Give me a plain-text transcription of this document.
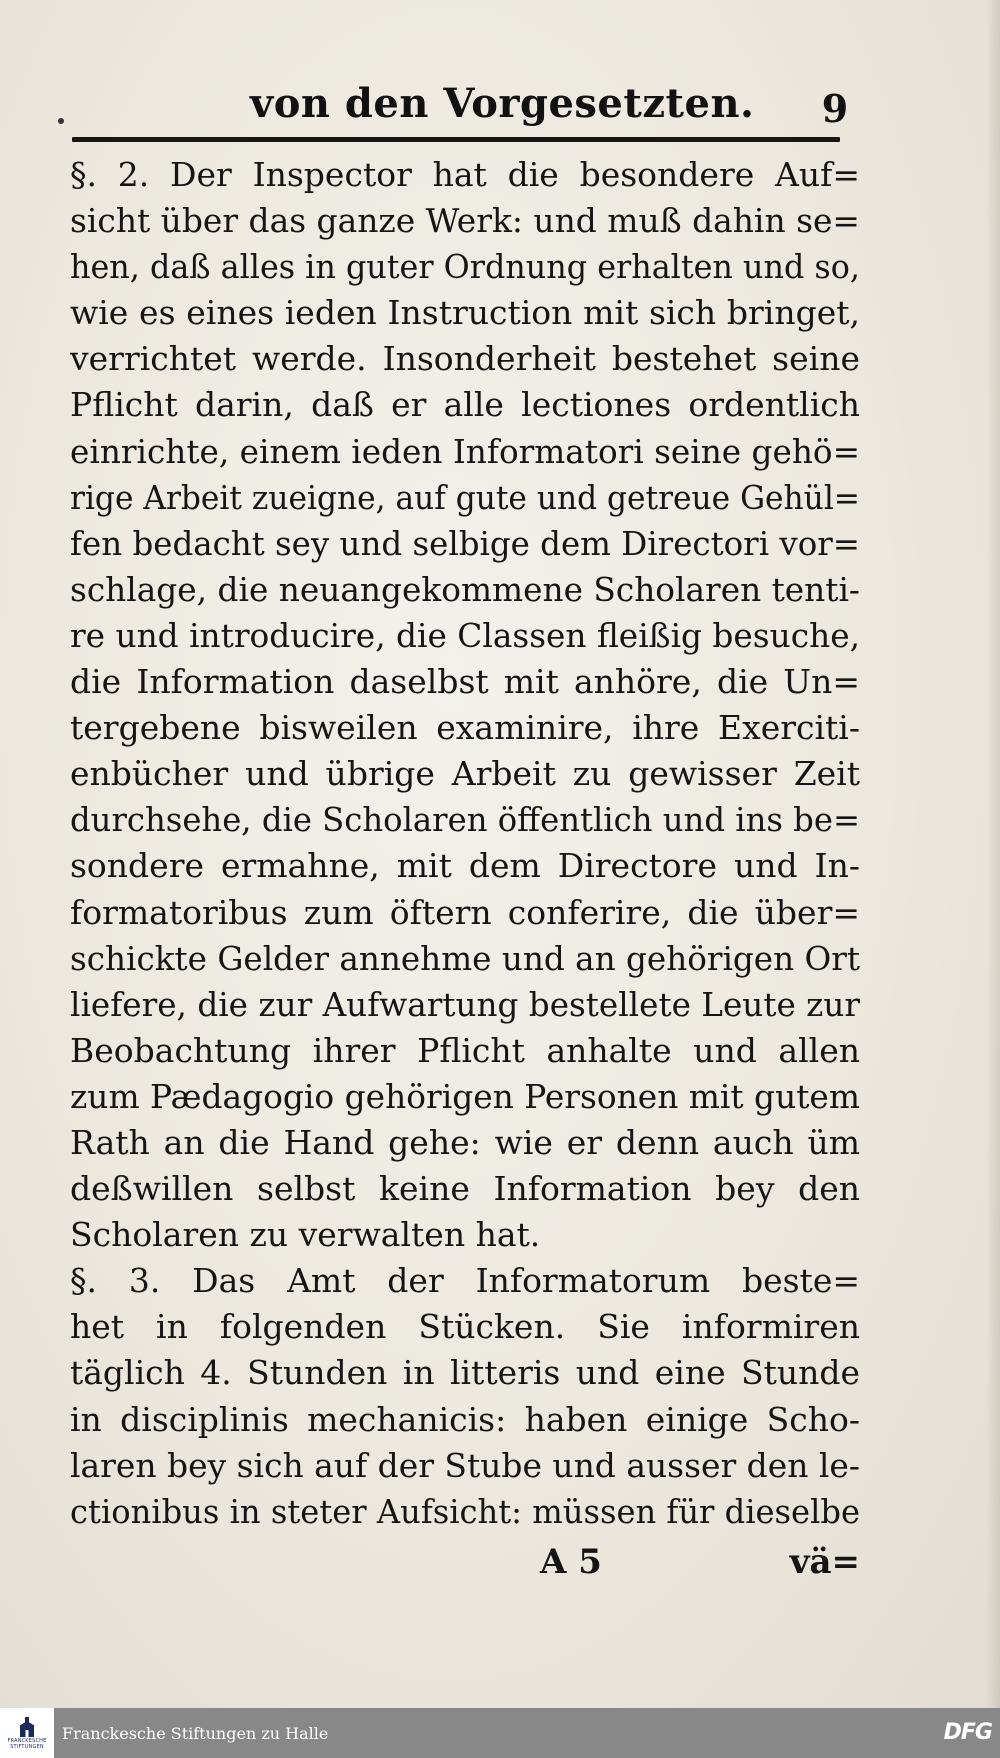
von den Vorgesetzten. 9
§. 2. Der Inspector hat die besondere Auf=
sicht über das ganze Werk: und muß dahin se=
hen, daß alles in guter Ordnung erhalten und so,
wie es eines ieden Instruction mit sich bringet,
verrichtet werde. Insonderheit bestehet seine
Pflicht darin, daß er alle lectiones ordentlich
einrichte, einem ieden Informatori seine gehö=
rige Arbeit zueigne, auf gute und getreue Gehül=
fen bedacht sey und selbige dem Directori vor=
schlage, die neuangekommene Scholaren tenti-
re und introducire, die Classen fleißig besuche,
die Information daselbst mit anhöre, die Un=
tergebene bisweilen examinire, ihre Exerciti-
enbücher und übrige Arbeit zu gewisser Zeit
durchsehe, die Scholaren öffentlich und ins be=
sondere ermahne, mit dem Directore und In-
formatoribus zum öftern conferire, die über=
schickte Gelder annehme und an gehörigen Ort
liefere, die zur Aufwartung bestellete Leute zur
Beobachtung ihrer Pflicht anhalte und allen
zum Pædagogio gehörigen Personen mit gutem
Rath an die Hand gehe: wie er denn auch üm
deßwillen selbst keine Information bey den
Scholaren zu verwalten hat.
§. 3. Das Amt der Informatorum beste=
het in folgenden Stücken. Sie informiren
täglich 4. Stunden in litteris und eine Stunde
in disciplinis mechanicis: haben einige Scho-
laren bey sich auf der Stube und ausser den le-
ctionibus in steter Aufsicht: müssen für dieselbe
A 5	vä=
FRANCKESCHE
STIFTUNGEN
Franckesche Stiftungen zu Halle	DFG
